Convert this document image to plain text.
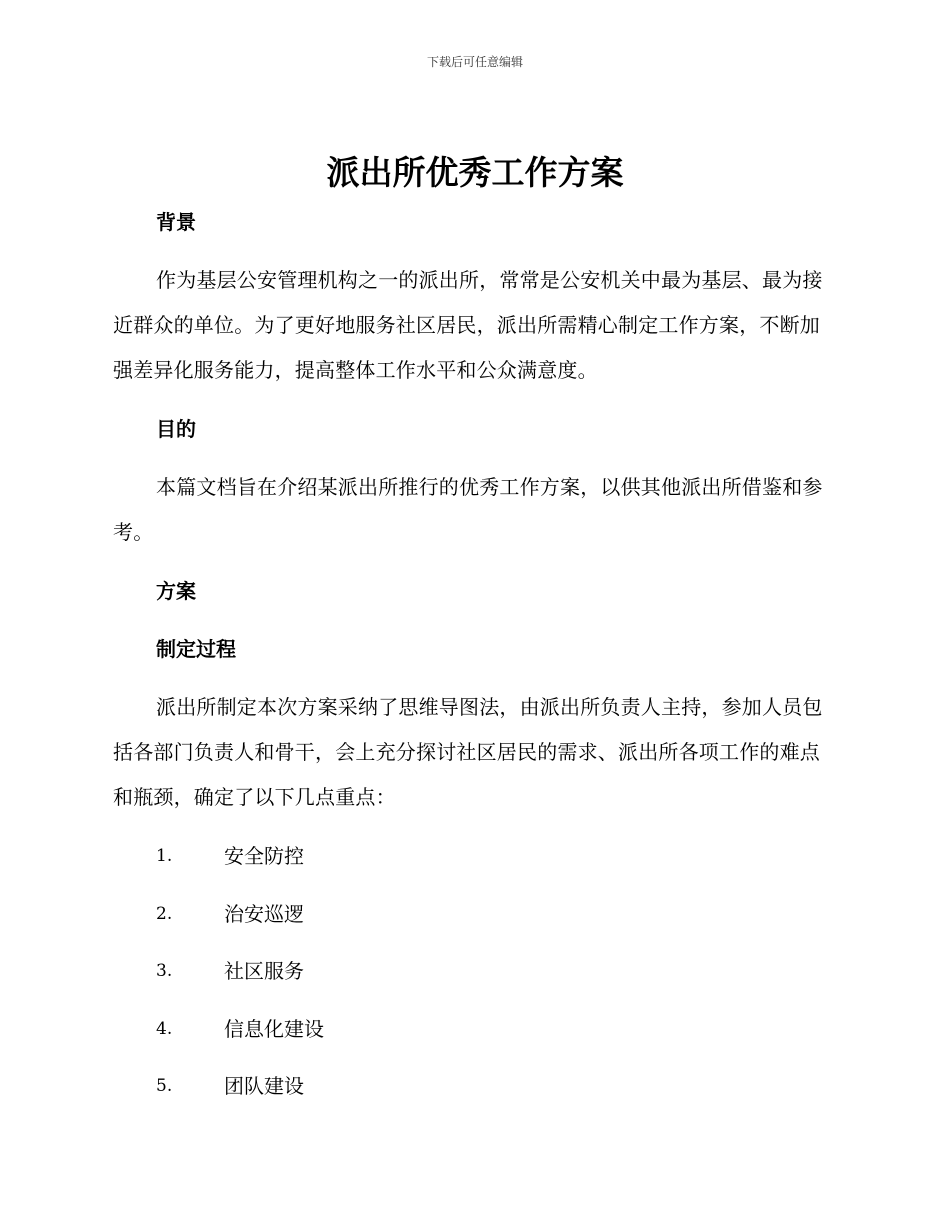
下载后可任意编辑
派出所优秀工作方案
背景

作为基层公安管理机构之一的派出所，常常是公安机关中最为基层、最为接近群众的单位。为了更好地服务社区居民，派出所需精心制定工作方案，不断加强差异化服务能力，提高整体工作水平和公众满意度。

目的

本篇文档旨在介绍某派出所推行的优秀工作方案，以供其他派出所借鉴和参考。

方案
制定过程

派出所制定本次方案采纳了思维导图法，由派出所负责人主持，参加人员包括各部门负责人和骨干，会上充分探讨社区居民的需求、派出所各项工作的难点和瓶颈，确定了以下几点重点：

1.	安全防控
2.	治安巡逻
3.	社区服务
4.	信息化建设
5.	团队建设
